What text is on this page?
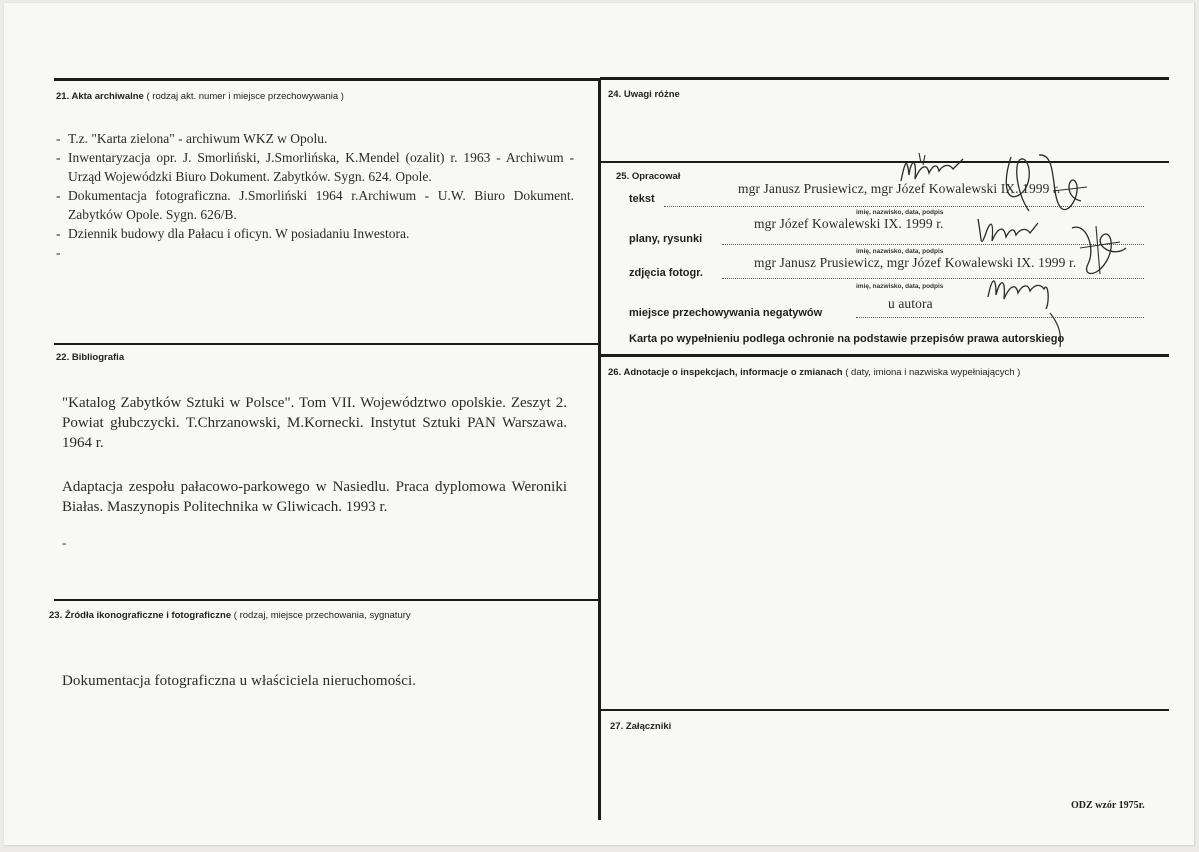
21. Akta archiwalne ( rodzaj akt. numer i miejsce przechowywania )
- T.z. "Karta zielona" - archiwum WKZ w Opolu.
- Inwentaryzacja opr. J. Smorliński, J.Smorlińska, K.Mendel (ozalit) r. 1963 - Archiwum - Urząd Wojewódzki Biuro Dokument. Zabytków. Sygn. 624. Opole.
- Dokumentacja fotograficzna. J.Smorliński 1964 r.Archiwum - U.W. Biuro Dokument. Zabytków Opole. Sygn. 626/B.
- Dziennik budowy dla Pałacu i oficyn. W posiadaniu Inwestora.
22. Bibliografia

"Katalog Zabytków Sztuki w Polsce". Tom VII. Województwo opolskie. Zeszyt 2. Powiat głubczycki. T.Chrzanowski, M.Kornecki. Instytut Sztuki PAN Warszawa. 1964 r.

Adaptacja zespołu pałacowo-parkowego w Nasiedlu. Praca dyplomowa Weroniki Białas. Maszynopis Politechnika w Gliwicach. 1993 r.

-
23. Źródła ikonograficzne i fotograficzne ( rodzaj, miejsce przechowania, sygnatury
Dokumentacja fotograficzna u właściciela nieruchomości.
24. Uwagi różne
25. Opracował
tekst
mgr Janusz Prusiewicz, mgr Józef Kowalewski IX. 1999 r.
imię, nazwisko, data, podpis
plany, rysunki
mgr Józef Kowalewski IX. 1999 r.
imię, nazwisko, data, podpis
zdjęcia fotogr.
mgr Janusz Prusiewicz, mgr Józef Kowalewski IX. 1999 r.
imię, nazwisko, data, podpis
miejsce przechowywania negatywów
u autora
Karta po wypełnieniu podlega ochronie na podstawie przepisów prawa autorskiego
26. Adnotacje o inspekcjach, informacje o zmianach ( daty, imiona i nazwiska wypełniających )
27. Załączniki
ODZ wzór 1975r.
